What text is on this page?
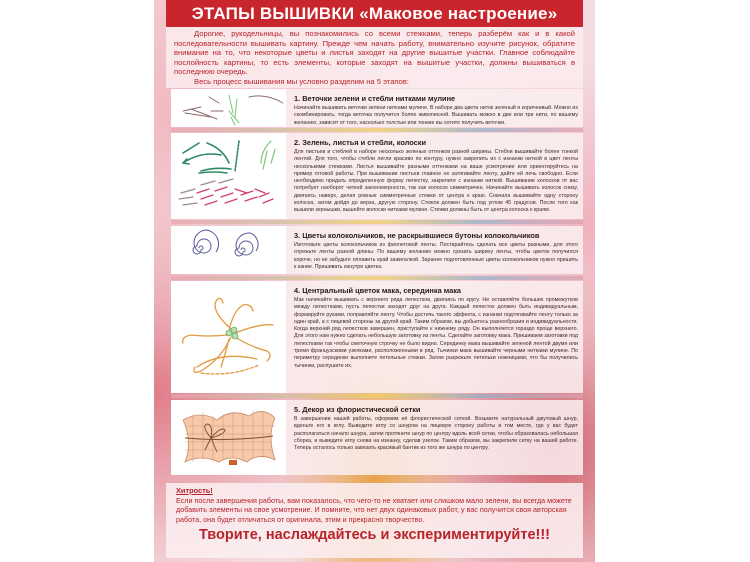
ЭТАПЫ ВЫШИВКИ «Маковое настроение»

Дорогие, рукодельницы, вы познакомились со всеми стежками, теперь разберём как и в какой последовательности вышивать картину. Прежде чем начать работу, внимательно изучите рисунок, обратите внимание на то, что некоторые цветы и листья заходят на другие вышитые участки. Главное соблюдайте послойность картины, то есть элементы, которые заходят на вышитые участки, должны вышиваться в последнюю очередь.

Весь процесс вышивания мы условно разделим на 5 этапов:

1. Веточки зелени и стебли нитками мулине

Начинайте вышивать веточки зелени нитками мулине. В наборе два цвета ниток зеленый и коричневый. Можно их скомбинировать, тогда веточка получится более живописной. Вышивать можно в две или три нити, по вашему желанию, зависит от того, насколько толстые или тонкие вы хотите получить веточки.

2. Зелень, листья и стебли, колоски

Для листьев и стеблей в наборе несколько зеленых оттенков разной ширины. Стебли вышивайте более тонкой лентой. Для того, чтобы стебли легли красиво по контуру, нужно закрепить их с изнанки ниткой в цвет ленты несколькими стежками. Листья вышивайте разными оттенками на ваше усмотрение или ориентируйтесь на пример готовой работы. При вышивании листьев главное не затягивайте ленту, дайте ей лечь свободно. Если необходимо придать определенную форму лепестку, закрепите с изнанки ниткой. Вышивание колосков от вас потребует наоборот четкой закономерности, так как колосок симметричен. Начинайте вышивать колосок снизу, двигаясь наверх, делая ровные симметричные стежки от центра к краю. Сначала вышивайте одну сторону колоска, затем дойдя до верха, другую сторону. Стежок должен быть под углом 45 градусов. После того как вышили зернышки, вышейте волоски нитками мулине. Стежки должны быть от центра колоска к краям.

3. Цветы колокольчиков, не раскрывшиеся бутоны колокольчиков

Изготовьте цветы колокольчиков из фиолетовой ленты. Постарайтесь сделать все цветы разными, для этого отрежьте ленты разной длины. По вашему желанию можно срезать ширину ленты, чтобы цветок получился короче, но не забудьте оплавить край зажигалкой. Заранее подготовленные цветы колокольчиков нужно пришить к канве. Пришивать изнутри цветка.

4. Центральный цветок мака, серединка мака

Мак начинайте вышивать с верхнего ряда лепестков, двигаясь по кругу. Не оставляйте больших промежутков между лепестками, пусть лепестки заходят друг на друга. Каждый лепесток должен быть индивидуальным, формируйте руками, поправляйте ленту. Чтобы достичь такого эффекта, с изнанки подтягивайте ленту только за один край, а с лицевой стороны за другой край. Таким образом, вы добьетесь разнообразия и индивидуальности. Когда верхний ряд лепестков завершен, приступайте к нижнему ряду. Он выполняется гораздо проще верхнего. Для этого нам нужно сделать небольшую заготовку из ленты. Сделайте заготовку мака. Пришиваем заготовки под лепестками так чтобы сметочную строчку не было видно. Серединку мака вышивайте зеленой лентой двумя или тремя французскими узелками, расположенными в ряд. Тычинки мака вышивайте черными нитками мулине. По периметру серединки выполните петельные стежки. Затем разрежьте петельки ножницами, что бы получились тычинки, распушите их.

5. Декор из флористической сетки

В завершении нашей работы, оформим её флористической сеткой. Возьмите натуральный джутовый шнур, вденьте его в иглу. Выведите иглу со шнуром на лицевую сторону работы в том месте, где у вас будет располагаться начало шнура, затем протяните шнур по центру вдоль всей сетки, чтобы образовалась небольшая сборка, и выведите иглу снова на изнанку, сделав узелок. Таким образом, вы закрепили сетку на вашей работе. Теперь осталось только завязать красивый бантик из того же шнура по центру.

Хитрость!

Если после завершения работы, вам показалось, что чего-то не хватает или слишком мало зелени, вы всегда можете добавить элементы на свое усмотрение. И помните, что нет двух одинаковых работ, у вас получится своя авторская работа, она будет отличаться от оригинала, этим и прекрасно творчество.

Творите, наслаждайтесь и экспериментируйте!!!
